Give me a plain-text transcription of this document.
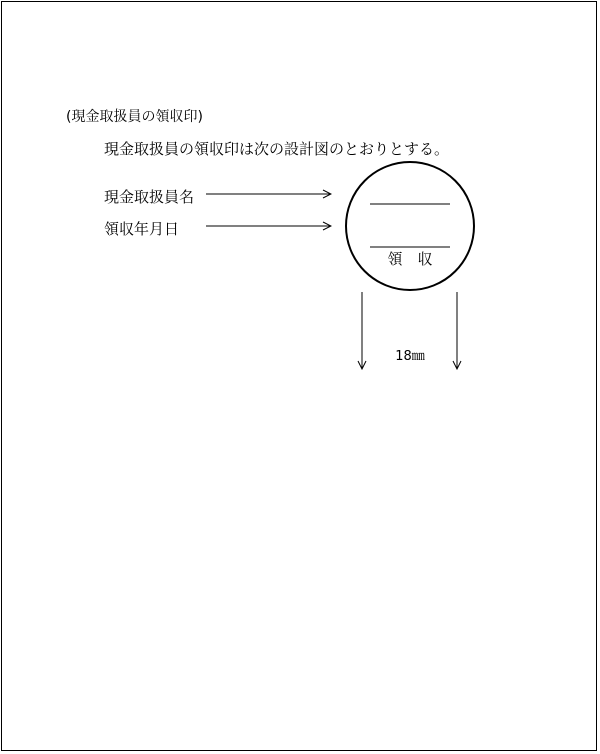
(現金取扱員の領収印)
現金取扱員の領収印は次の設計図のとおりとする。
現金取扱員名
領収年月日
領　収
18㎜
